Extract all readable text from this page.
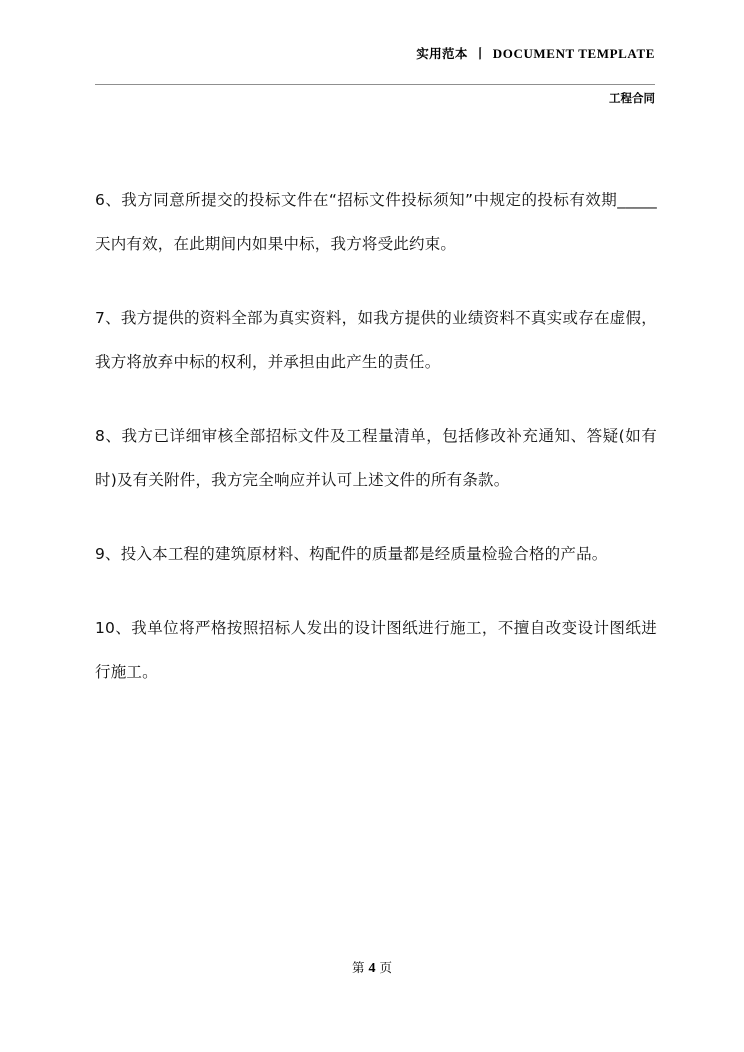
实用范本 丨 DOCUMENT TEMPLATE
工程合同

6、我方同意所提交的投标文件在“招标文件投标须知”中规定的投标有效期_____天内有效，在此期间内如果中标，我方将受此约束。

7、我方提供的资料全部为真实资料，如我方提供的业绩资料不真实或存在虚假，我方将放弃中标的权利，并承担由此产生的责任。

8、我方已详细审核全部招标文件及工程量清单，包括修改补充通知、答疑(如有时)及有关附件，我方完全响应并认可上述文件的所有条款。

9、投入本工程的建筑原材料、构配件的质量都是经质量检验合格的产品。

10、我单位将严格按照招标人发出的设计图纸进行施工，不擅自改变设计图纸进行施工。

第 4 页
